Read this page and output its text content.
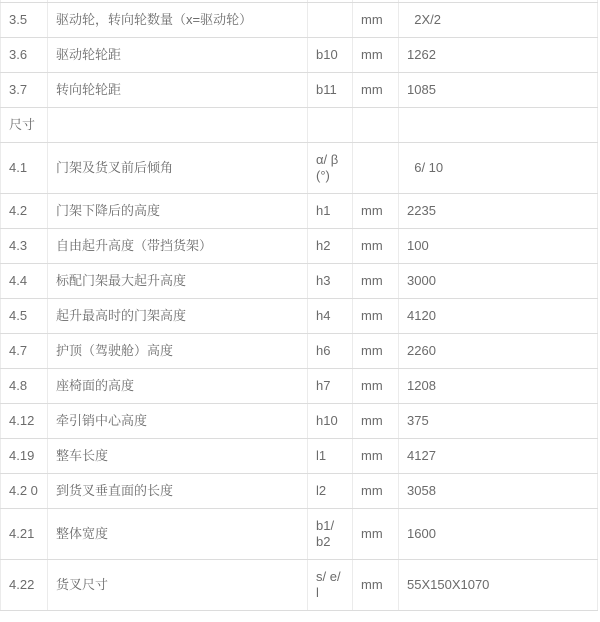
3.5	驱动轮，转向轮数量（x=驱动轮）		mm	2X/2
3.6	驱动轮轮距	b10	mm	1262
3.7	转向轮轮距	b11	mm	1085
尺寸				
4.1	门架及货叉前后倾角	α/ β (°)		6/ 10
4.2	门架下降后的高度	h1	mm	2235
4.3	自由起升高度（带挡货架）	h2	mm	100
4.4	标配门架最大起升高度	h3	mm	3000
4.5	起升最高时的门架高度	h4	mm	4120
4.7	护顶（驾驶舱）高度	h6	mm	2260
4.8	座椅面的高度	h7	mm	1208
4.12	牵引销中心高度	h10	mm	375
4.19	整车长度	l1	mm	4127
4.2 0	到货叉垂直面的长度	l2	mm	3058
4.21	整体宽度	b1/ b2	mm	1600
4.22	货叉尺寸	s/ e/ l	mm	55X150X1070
